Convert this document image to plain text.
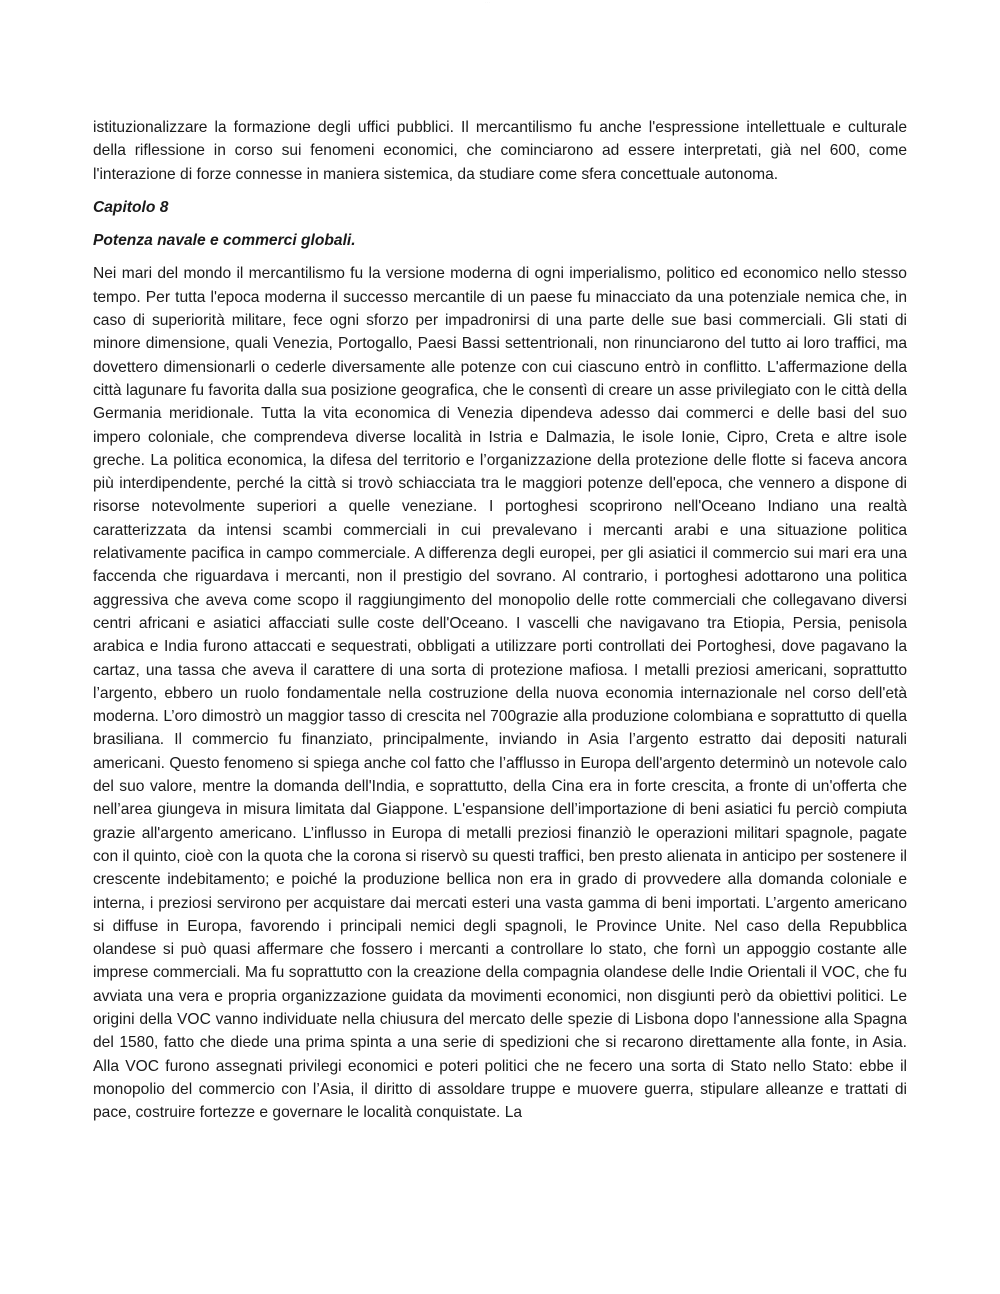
· · ·

istituzionalizzare la formazione degli uffici pubblici. Il mercantilismo fu anche l'espressione intellettuale e culturale della riflessione in corso sui fenomeni economici, che cominciarono ad essere interpretati, già nel 600, come l'interazione di forze connesse in maniera sistemica, da studiare come sfera concettuale autonoma.

Capitolo 8

Potenza navale e commerci globali.

Nei mari del mondo il mercantilismo fu la versione moderna di ogni imperialismo, politico ed economico nello stesso tempo. Per tutta l'epoca moderna il successo mercantile di un paese fu minacciato da una potenziale nemica che, in caso di superiorità militare, fece ogni sforzo per impadronirsi di una parte delle sue basi commerciali. Gli stati di minore dimensione, quali Venezia, Portogallo, Paesi Bassi settentrionali, non rinunciarono del tutto ai loro traffici, ma dovettero dimensionarli o cederle diversamente alle potenze con cui ciascuno entrò in conflitto. L'affermazione della città lagunare fu favorita dalla sua posizione geografica, che le consentì di creare un asse privilegiato con le città della Germania meridionale. Tutta la vita economica di Venezia dipendeva adesso dai commerci e delle basi del suo impero coloniale, che comprendeva diverse località in Istria e Dalmazia, le isole Ionie, Cipro, Creta e altre isole greche. La politica economica, la difesa del territorio e l’organizzazione della protezione delle flotte si faceva ancora più interdipendente, perché la città si trovò schiacciata tra le maggiori potenze dell'epoca, che vennero a dispone di risorse notevolmente superiori a quelle veneziane. I portoghesi scoprirono nell'Oceano Indiano una realtà caratterizzata da intensi scambi commerciali in cui prevalevano i mercanti arabi e una situazione politica relativamente pacifica in campo commerciale. A differenza degli europei, per gli asiatici il commercio sui mari era una faccenda che riguardava i mercanti, non il prestigio del sovrano. Al contrario, i portoghesi adottarono una politica aggressiva che aveva come scopo il raggiungimento del monopolio delle rotte commerciali che collegavano diversi centri africani e asiatici affacciati sulle coste dell'Oceano. I vascelli che navigavano tra Etiopia, Persia, penisola arabica e India furono attaccati e sequestrati, obbligati a utilizzare porti controllati dei Portoghesi, dove pagavano la cartaz, una tassa che aveva il carattere di una sorta di protezione mafiosa. I metalli preziosi americani, soprattutto l’argento, ebbero un ruolo fondamentale nella costruzione della nuova economia internazionale nel corso dell'età moderna. L’oro dimostrò un maggior tasso di crescita nel 700grazie alla produzione colombiana e soprattutto di quella brasiliana. Il commercio fu finanziato, principalmente, inviando in Asia l’argento estratto dai depositi naturali americani. Questo fenomeno si spiega anche col fatto che l’afflusso in Europa dell'argento determinò un notevole calo del suo valore, mentre la domanda dell'India, e soprattutto, della Cina era in forte crescita, a fronte di un'offerta che nell’area giungeva in misura limitata dal Giappone. L'espansione dell’importazione di beni asiatici fu perciò compiuta grazie all'argento americano. L’influsso in Europa di metalli preziosi finanziò le operazioni militari spagnole, pagate con il quinto, cioè con la quota che la corona si riservò su questi traffici, ben presto alienata in anticipo per sostenere il crescente indebitamento; e poiché la produzione bellica non era in grado di provvedere alla domanda coloniale e interna, i preziosi servirono per acquistare dai mercati esteri una vasta gamma di beni importati. L’argento americano si diffuse in Europa, favorendo i principali nemici degli spagnoli, le Province Unite. Nel caso della Repubblica olandese si può quasi affermare che fossero i mercanti a controllare lo stato, che fornì un appoggio costante alle imprese commerciali. Ma fu soprattutto con la creazione della compagnia olandese delle Indie Orientali il VOC, che fu avviata una vera e propria organizzazione guidata da movimenti economici, non disgiunti però da obiettivi politici. Le origini della VOC vanno individuate nella chiusura del mercato delle spezie di Lisbona dopo l'annessione alla Spagna del 1580, fatto che diede una prima spinta a una serie di spedizioni che si recarono direttamente alla fonte, in Asia. Alla VOC furono assegnati privilegi economici e poteri politici che ne fecero una sorta di Stato nello Stato: ebbe il monopolio del commercio con l’Asia, il diritto di assoldare truppe e muovere guerra, stipulare alleanze e trattati di pace, costruire fortezze e governare le località conquistate. La
